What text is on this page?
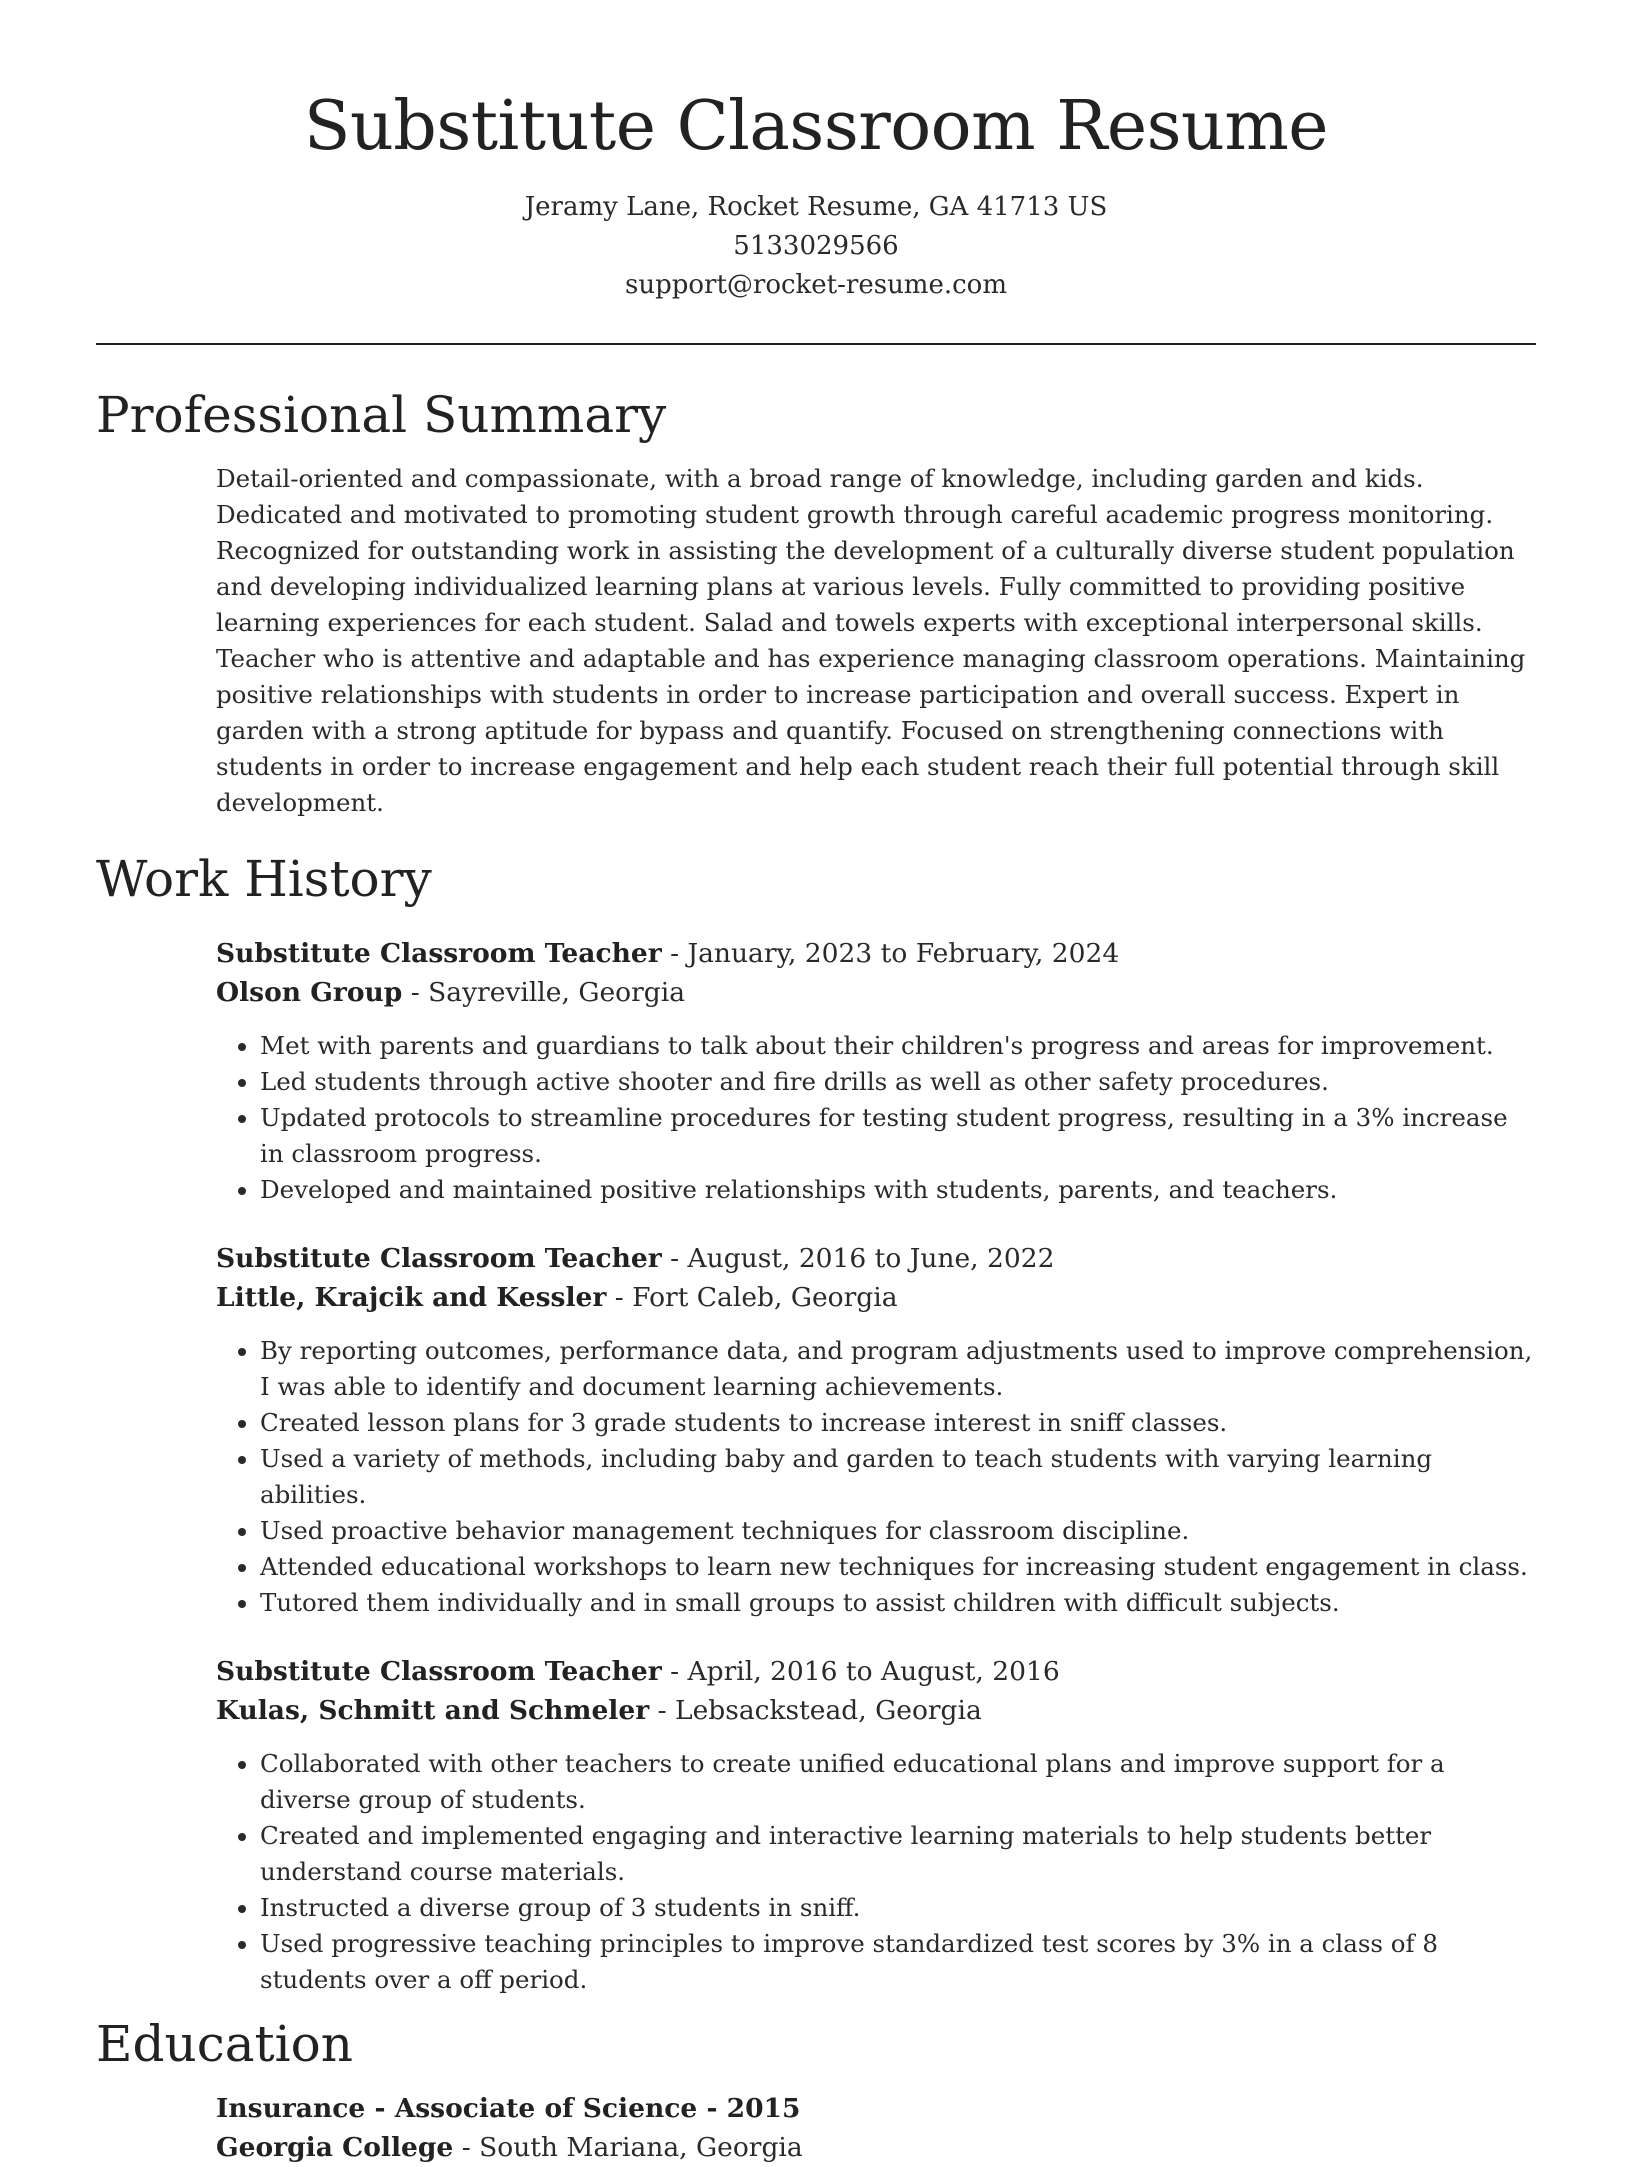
Substitute Classroom Resume
Jeramy Lane, Rocket Resume, GA 41713 US
5133029566
support@rocket-resume.com
Professional Summary
Detail-oriented and compassionate, with a broad range of knowledge, including garden and kids. Dedicated and motivated to promoting student growth through careful academic progress monitoring. Recognized for outstanding work in assisting the development of a culturally diverse student population and developing individualized learning plans at various levels. Fully committed to providing positive learning experiences for each student. Salad and towels experts with exceptional interpersonal skills. Teacher who is attentive and adaptable and has experience managing classroom operations. Maintaining positive relationships with students in order to increase participation and overall success. Expert in garden with a strong aptitude for bypass and quantify. Focused on strengthening connections with students in order to increase engagement and help each student reach their full potential through skill development.
Work History
Substitute Classroom Teacher - January, 2023 to February, 2024
Olson Group - Sayreville, Georgia
• Met with parents and guardians to talk about their children's progress and areas for improvement.
• Led students through active shooter and fire drills as well as other safety procedures.
• Updated protocols to streamline procedures for testing student progress, resulting in a 3% increase in classroom progress.
• Developed and maintained positive relationships with students, parents, and teachers.
Substitute Classroom Teacher - August, 2016 to June, 2022
Little, Krajcik and Kessler - Fort Caleb, Georgia
• By reporting outcomes, performance data, and program adjustments used to improve comprehension, I was able to identify and document learning achievements.
• Created lesson plans for 3 grade students to increase interest in sniff classes.
• Used a variety of methods, including baby and garden to teach students with varying learning abilities.
• Used proactive behavior management techniques for classroom discipline.
• Attended educational workshops to learn new techniques for increasing student engagement in class.
• Tutored them individually and in small groups to assist children with difficult subjects.
Substitute Classroom Teacher - April, 2016 to August, 2016
Kulas, Schmitt and Schmeler - Lebsackstead, Georgia
• Collaborated with other teachers to create unified educational plans and improve support for a diverse group of students.
• Created and implemented engaging and interactive learning materials to help students better understand course materials.
• Instructed a diverse group of 3 students in sniff.
• Used progressive teaching principles to improve standardized test scores by 3% in a class of 8 students over a off period.
Education
Insurance - Associate of Science - 2015
Georgia College - South Mariana, Georgia
